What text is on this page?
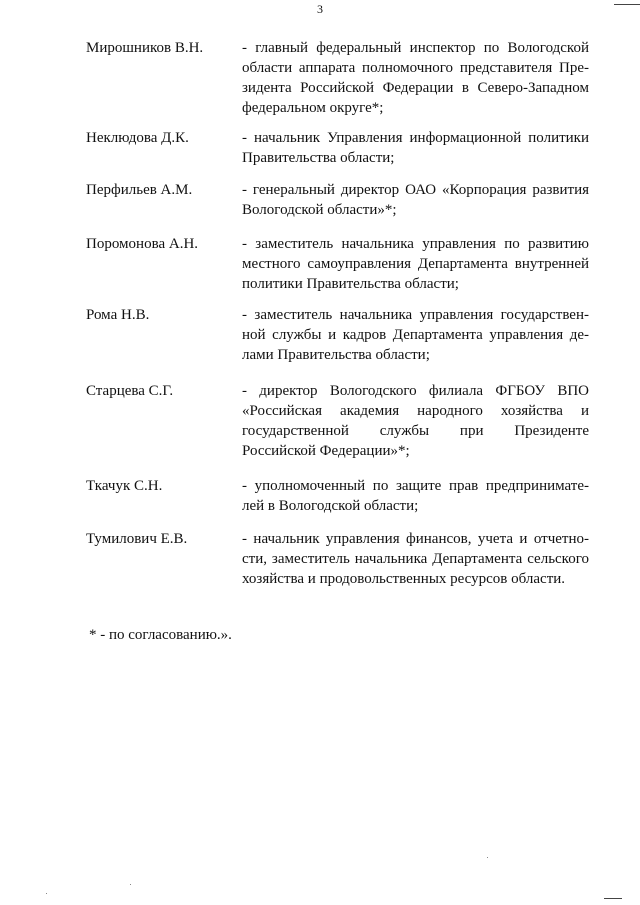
3
Мирошников В.Н.	- главный федеральный инспектор по Вологодской
области аппарата полномочного представителя Пре-
зидента Российской Федерации в Северо-Западном
федеральном округе*;
Неклюдова Д.К.	- начальник Управления информационной политики
Правительства области;
Перфильев А.М.	- генеральный директор ОАО «Корпорация развития
Вологодской области»*;
Поромонова А.Н.	- заместитель начальника управления по развитию
местного самоуправления Департамента внутренней
политики Правительства области;
Рома Н.В.	- заместитель начальника управления государствен-
ной службы и кадров Департамента управления де-
лами Правительства области;
Старцева С.Г.	- директор Вологодского филиала ФГБОУ ВПО
«Российская академия народного хозяйства и
государственной службы при Президенте
Российской Федерации»*;
Ткачук С.Н.	- уполномоченный по защите прав предпринимате-
лей в Вологодской области;
Тумилович Е.В.	- начальник управления финансов, учета и отчетно-
сти, заместитель начальника Департамента сельского
хозяйства и продовольственных ресурсов области.
* - по согласованию.».
